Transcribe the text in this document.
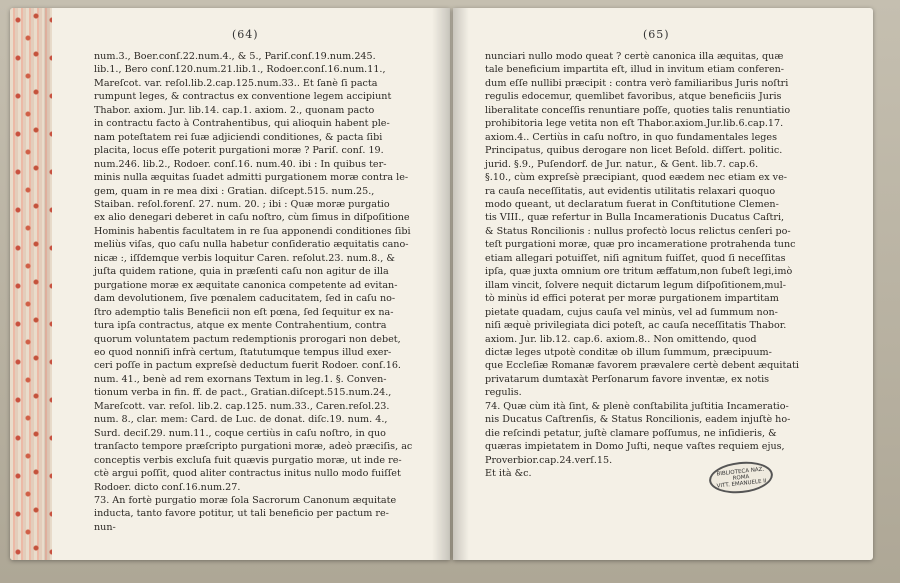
(64)
num.3., Boer.conſ.22.num.4., & 5., Pariſ.conſ.19.num.245.
lib.1., Bero conſ.120.num.21.lib.1., Rodoer.conſ.16.num.11.,
Mareſcot. var. reſol.lib.2.cap.125.num.33.. Et ſanè ſi pacta
rumpunt leges, & contractus ex conventione legem accipiunt
Thabor. axiom. Jur. lib.14. cap.1. axiom. 2., quonam pacto
in contractu facto à Contrahentibus, qui alioquin habent ple-
nam poteſtatem rei ſuæ adjiciendi conditiones, & pacta ſibi
placita, locus eſſe poterit purgationi moræ ? Pariſ. conſ. 19.
num.246. lib.2., Rodoer. conſ.16. num.40. ibi : In quibus ter-
minis nulla æquitas ſuadet admitti purgationem moræ contra le-
gem, quam in re mea dixi : Gratian. diſcept.515. num.25.,
Staiban. reſol.forenſ. 27. num. 20. ; ibi : Quæ moræ purgatio
ex alio denegari deberet in caſu noſtro, cùm ſimus in diſpoſitione
Hominis habentis facultatem in re ſua apponendi conditiones ſibi
meliùs viſas, quo caſu nulla habetur conſideratio æquitatis cano-
nicæ :, iſſdemque verbis loquitur Caren. reſolut.23. num.8., &
juſta quidem ratione, quia in præſenti caſu non agitur de illa
purgatione moræ ex æquitate canonica competente ad evitan-
dam devolutionem, ſive pœnalem caducitatem, ſed in caſu no-
ſtro ademptio talis Beneficii non eſt pœna, ſed ſequitur ex na-
tura ipſa contractus, atque ex mente Contrahentium, contra
quorum voluntatem pactum redemptionis prorogari non debet,
eo quod nonniſi infrà certum, ſtatutumque tempus illud exer-
ceri poſſe in pactum expreſsè deductum fuerit Rodoer. conſ.16.
num. 41., benè ad rem exornans Textum in leg.1. §. Conven-
tionum verba in fin. ff. de pact., Gratian.diſcept.515.num.24.,
Mareſcott. var. reſol. lib.2. cap.125. num.33., Caren.reſol.23.
num. 8., clar. mem: Card. de Luc. de donat. diſc.19. num. 4.,
Surd. deciſ.29. num.11., coque certiùs in caſu noſtro, in quo
tranſacto tempore præſcripto purgationi moræ, adeò præciſis, ac
conceptis verbis excluſa fuit quævis purgatio moræ, ut inde re-
ctè argui poſſit, quod aliter contractus initus nullo modo fuiſſet
Rodoer. dicto conſ.16.num.27.
73. An fortè purgatio moræ ſola Sacrorum Canonum æquitate
inducta, tanto favore potitur, ut tali beneficio per pactum re-
nun-
(65)
nunciari nullo modo queat ? certè canonica illa æquitas, quæ
tale beneficium impartita eſt, illud in invitum etiam conferen-
dum eſſe nullibi præcipit : contra verò familiaribus Juris noſtri
regulis edocemur, quemlibet favoribus, atque beneficiis Juris
liberalitate conceſſis renuntiare poſſe, quoties talis renuntiatio
prohibitoria lege vetita non eſt Thabor.axiom.Jur.lib.6.cap.17.
axiom.4.. Certiùs in caſu noſtro, in quo fundamentales leges
Principatus, quibus derogare non licet Beſold. diſſert. politic.
jurid. §.9., Puſendorf. de Jur. natur., & Gent. lib.7. cap.6.
§.10., cùm expreſsè præcipiant, quod eædem nec etiam ex ve-
ra cauſa neceſſitatis, aut evidentis utilitatis relaxari quoquo
modo queant, ut declaratum fuerat in Conſtitutione Clemen-
tis VIII., quæ refertur in Bulla Incamerationis Ducatus Caſtri,
& Status Roncilionis : nullus profectò locus relictus cenſeri po-
teſt purgationi moræ, quæ pro incameratione protrahenda tunc
etiam allegari potuiſſet, niſi agnitum fuiſſet, quod ſi neceſſitas
ipſa, quæ juxta omnium ore tritum æffatum,non ſubeſt legi,imò
illam vincit, ſolvere nequit dictarum legum diſpoſitionem,mul-
tò minùs id effici poterat per moræ purgationem impartitam
pietate quadam, cujus cauſa vel minùs, vel ad ſummum non-
niſi æquè privilegiata dici poteſt, ac cauſa neceſſitatis Thabor.
axiom. Jur. lib.12. cap.6. axiom.8.. Non omittendo, quod
dictæ leges utpotè conditæ ob illum ſummum, præcipuum-
que Eccleſiæ Romanæ favorem prævalere certè debent æquitati
privatarum dumtaxàt Perſonarum favore inventæ, ex notis
regulis.
74. Quæ cùm ità ſint, & plenè conſtabilita juſtitia Incameratio-
nis Ducatus Caſtrenſis, & Status Roncilionis, eadem injuſtè ho-
die reſcindi petatur, juſtè clamare poſſumus, ne inſidieris, &
quæras impietatem in Domo Juſti, neque vaſtes requiem ejus,
Proverbior.cap.24.verſ.15.
Et ità &c.	BIBLIOTECA NAZ.
ROMA
VITT. EMANUELE II
